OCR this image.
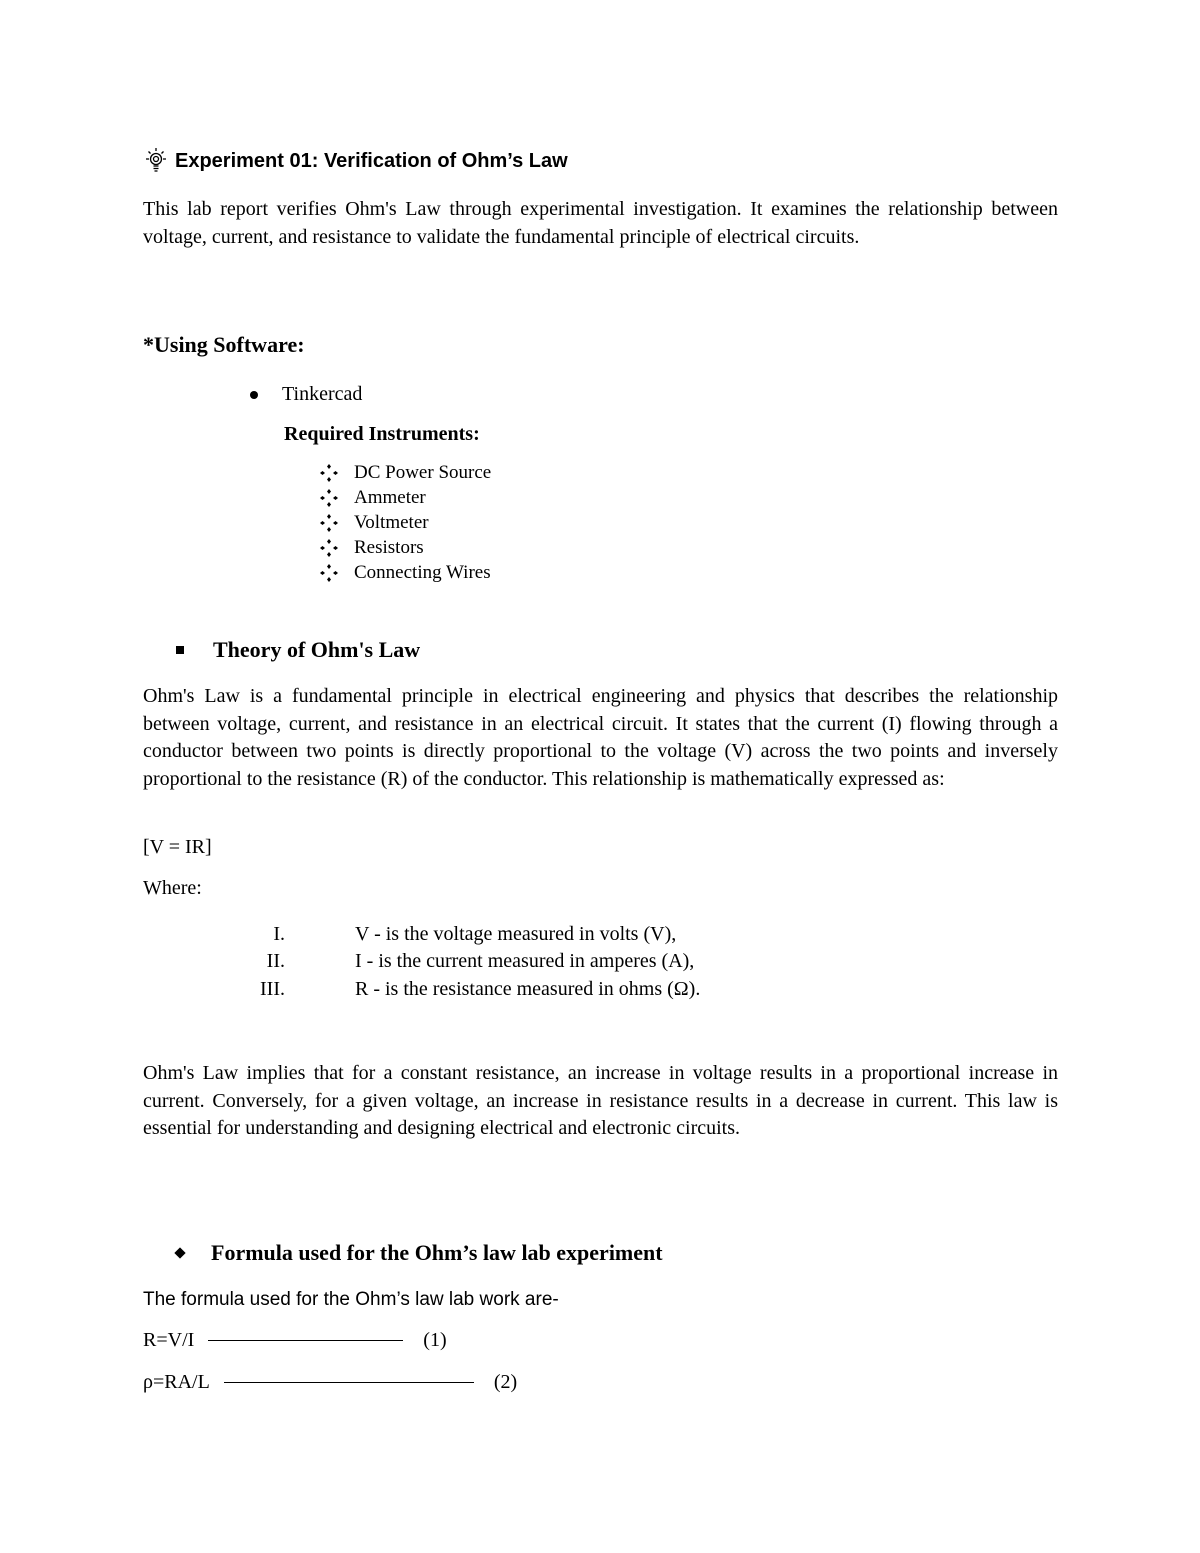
Experiment 01: Verification of Ohm’s Law

This lab report verifies Ohm's Law through experimental investigation. It examines the relationship between voltage, current, and resistance to validate the fundamental principle of electrical circuits.

*Using Software:
Tinkercad
Required Instruments:
DC Power Source
Ammeter
Voltmeter
Resistors
Connecting Wires
Theory of Ohm's Law

Ohm's Law is a fundamental principle in electrical engineering and physics that describes the relationship between voltage, current, and resistance in an electrical circuit. It states that the current (I) flowing through a conductor between two points is directly proportional to the voltage (V) across the two points and inversely proportional to the resistance (R) of the conductor. This relationship is mathematically expressed as:

[V = IR]
Where:
I.	V - is the voltage measured in volts (V),
II.	I - is the current measured in amperes (A),
III.	R - is the resistance measured in ohms (Ω).

Ohm's Law implies that for a constant resistance, an increase in voltage results in a proportional increase in current. Conversely, for a given voltage, an increase in resistance results in a decrease in current. This law is essential for understanding and designing electrical and electronic circuits.

Formula used for the Ohm’s law lab experiment
The formula used for the Ohm’s law lab work are-
R=V/I	(1)
ρ=RA/L	(2)
